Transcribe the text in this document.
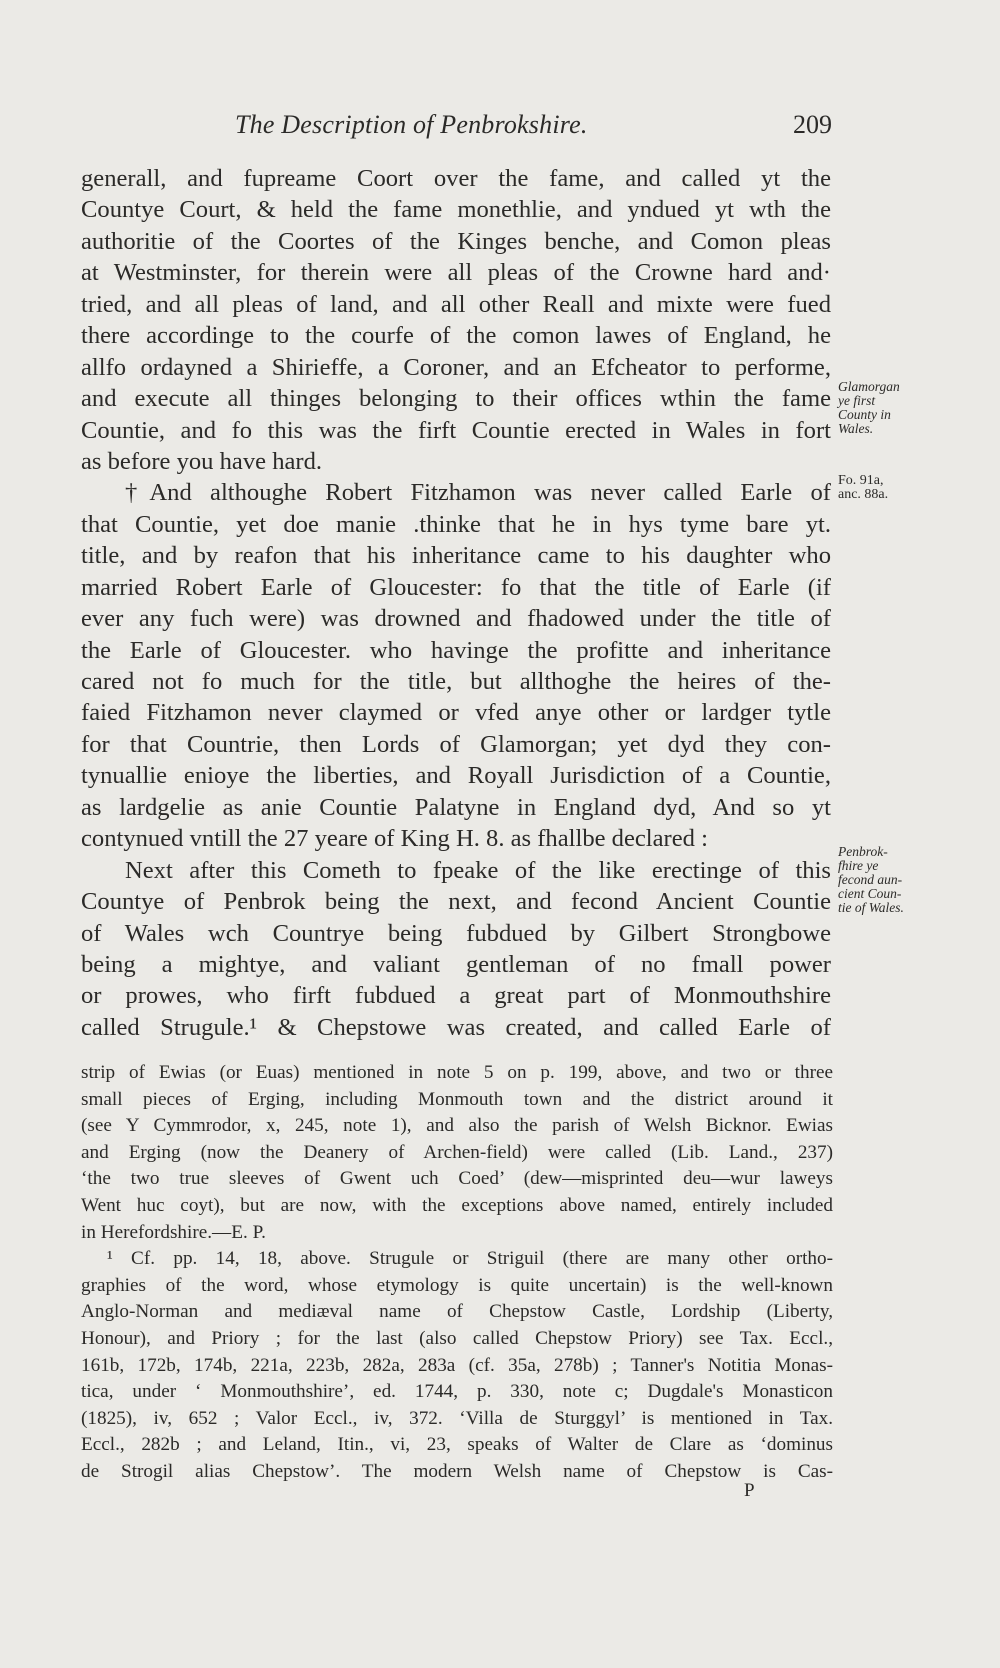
The Description of Penbrokshire.	209
generall, and fupreame Coort over the fame, and called yt the
Countye Court, & held the fame monethlie, and yndued yt wth the
authoritie of the Coortes of the Kinges benche, and Comon pleas
at Westminster, for therein were all pleas of the Crowne hard and·
tried, and all pleas of land, and all other Reall and mixte were fued
there accordinge to the courfe of the comon lawes of England, he
allfo ordayned a Shirieffe, a Coroner, and an Efcheator to performe,
and execute all thinges belonging to their offices wthin the fame
Countie, and fo this was the firft Countie erected in Wales in fort
as before you have hard.
†And althoughe Robert Fitzhamon was never called Earle of
that Countie, yet doe manie .thinke that he in hys tyme bare yt.
title, and by reafon that his inheritance came to his daughter who
married Robert Earle of Gloucester: fo that the title of Earle (if
ever any fuch were) was drowned and fhadowed under the title of
the Earle of Gloucester. who havinge the profitte and inheritance
cared not fo much for the title, but allthoghe the heires of the-
faied Fitzhamon never claymed or vfed anye other or lardger tytle
for that Countrie, then Lords of Glamorgan; yet dyd they con-
tynuallie enioye the liberties, and Royall Jurisdiction of a Countie,
as lardgelie as anie Countie Palatyne in England dyd, And so yt
contynued vntill the 27 yeare of King H. 8. as fhallbe declared :
Next after this Cometh to fpeake of the like erectinge of this
Countye of Penbrok being the next, and fecond Ancient Countie
of Wales wch Countrye being fubdued by Gilbert Strongbowe
being a mightye, and valiant gentleman of no fmall power
or prowes, who firft fubdued a great part of Monmouthshire
called Strugule.¹ & Chepstowe was created, and called Earle of
Glamorgan
ye first
County in
Wales.
Fo. 91a,
anc. 88a.
Penbrok-
fhire ye
fecond aun-
cient Coun-
tie of Wales.
strip of Ewias (or Euas) mentioned in note 5 on p. 199, above, and two or three
small pieces of Erging, including Monmouth town and the district around it
(see Y Cymmrodor, x, 245, note 1), and also the parish of Welsh Bicknor. Ewias
and Erging (now the Deanery of Archen-field) were called (Lib. Land., 237)
‘the two true sleeves of Gwent uch Coed’ (dew—misprinted deu—wur laweys
Went huc coyt), but are now, with the exceptions above named, entirely included
in Herefordshire.—E. P.
¹ Cf. pp. 14, 18, above. Strugule or Striguil (there are many other ortho-
graphies of the word, whose etymology is quite uncertain) is the well-known
Anglo-Norman and mediæval name of Chepstow Castle, Lordship (Liberty,
Honour), and Priory ; for the last (also called Chepstow Priory) see Tax. Eccl.,
161b, 172b, 174b, 221a, 223b, 282a, 283a (cf. 35a, 278b) ; Tanner's Notitia Monas-
tica, under ‘ Monmouthshire’, ed. 1744, p. 330, note c; Dugdale's Monasticon
(1825), iv, 652 ; Valor Eccl., iv, 372. ‘Villa de Sturggyl’ is mentioned in Tax.
Eccl., 282b ; and Leland, Itin., vi, 23, speaks of Walter de Clare as ‘dominus
de Strogil alias Chepstow’. The modern Welsh name of Chepstow is Cas-
P
